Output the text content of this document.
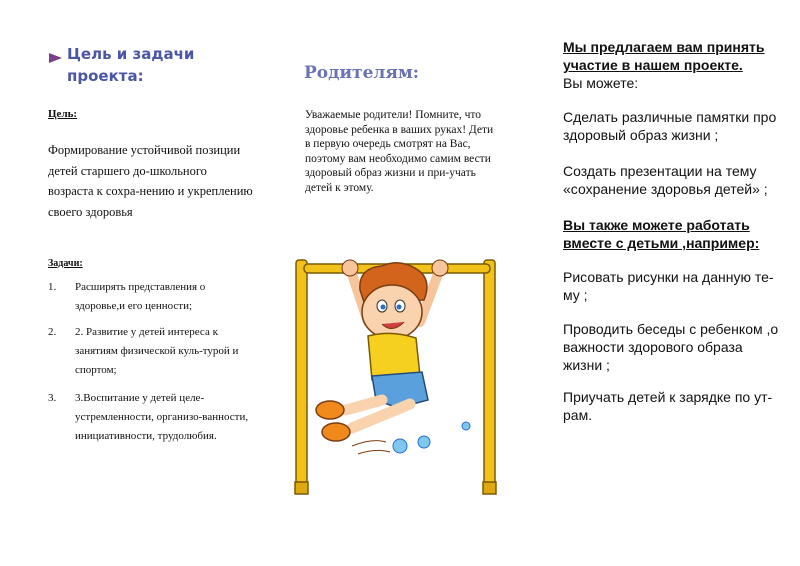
Цель и задачи проекта:
Цель:
Формирование устойчивой позиции детей старшего до-школьного возраста к сохра-нению и укреплению своего здоровья
Задачи:
1. Расширять представления о здоровье,и его ценности;
2. 2. Развитие у детей интереса к занятиям физической куль-турой и спортом;
3. 3.Воспитание у детей целе-устремленности, организо-ванности, инициативности, трудолюбия.
Родителям:
Уважаемые родители! Помните, что здоровье ребенка в ваших руках! Дети в первую очередь смотрят на Вас, поэтому вам необходимо самим вести здоровый образ жизни и при-учать детей к этому.
Мы предлагаем вам принять участие в нашем проекте.
Вы можете:
Сделать различные памятки про здоровый образ жизни ;
Создать презентации на тему «сохранение здоровья детей» ;
Вы также можете работать вместе с детьми ,например:
Рисовать рисунки на данную те-му ;
Проводить беседы с ребенком ,о важности здорового образа жизни ;
Приучать детей к зарядке по ут-рам.
